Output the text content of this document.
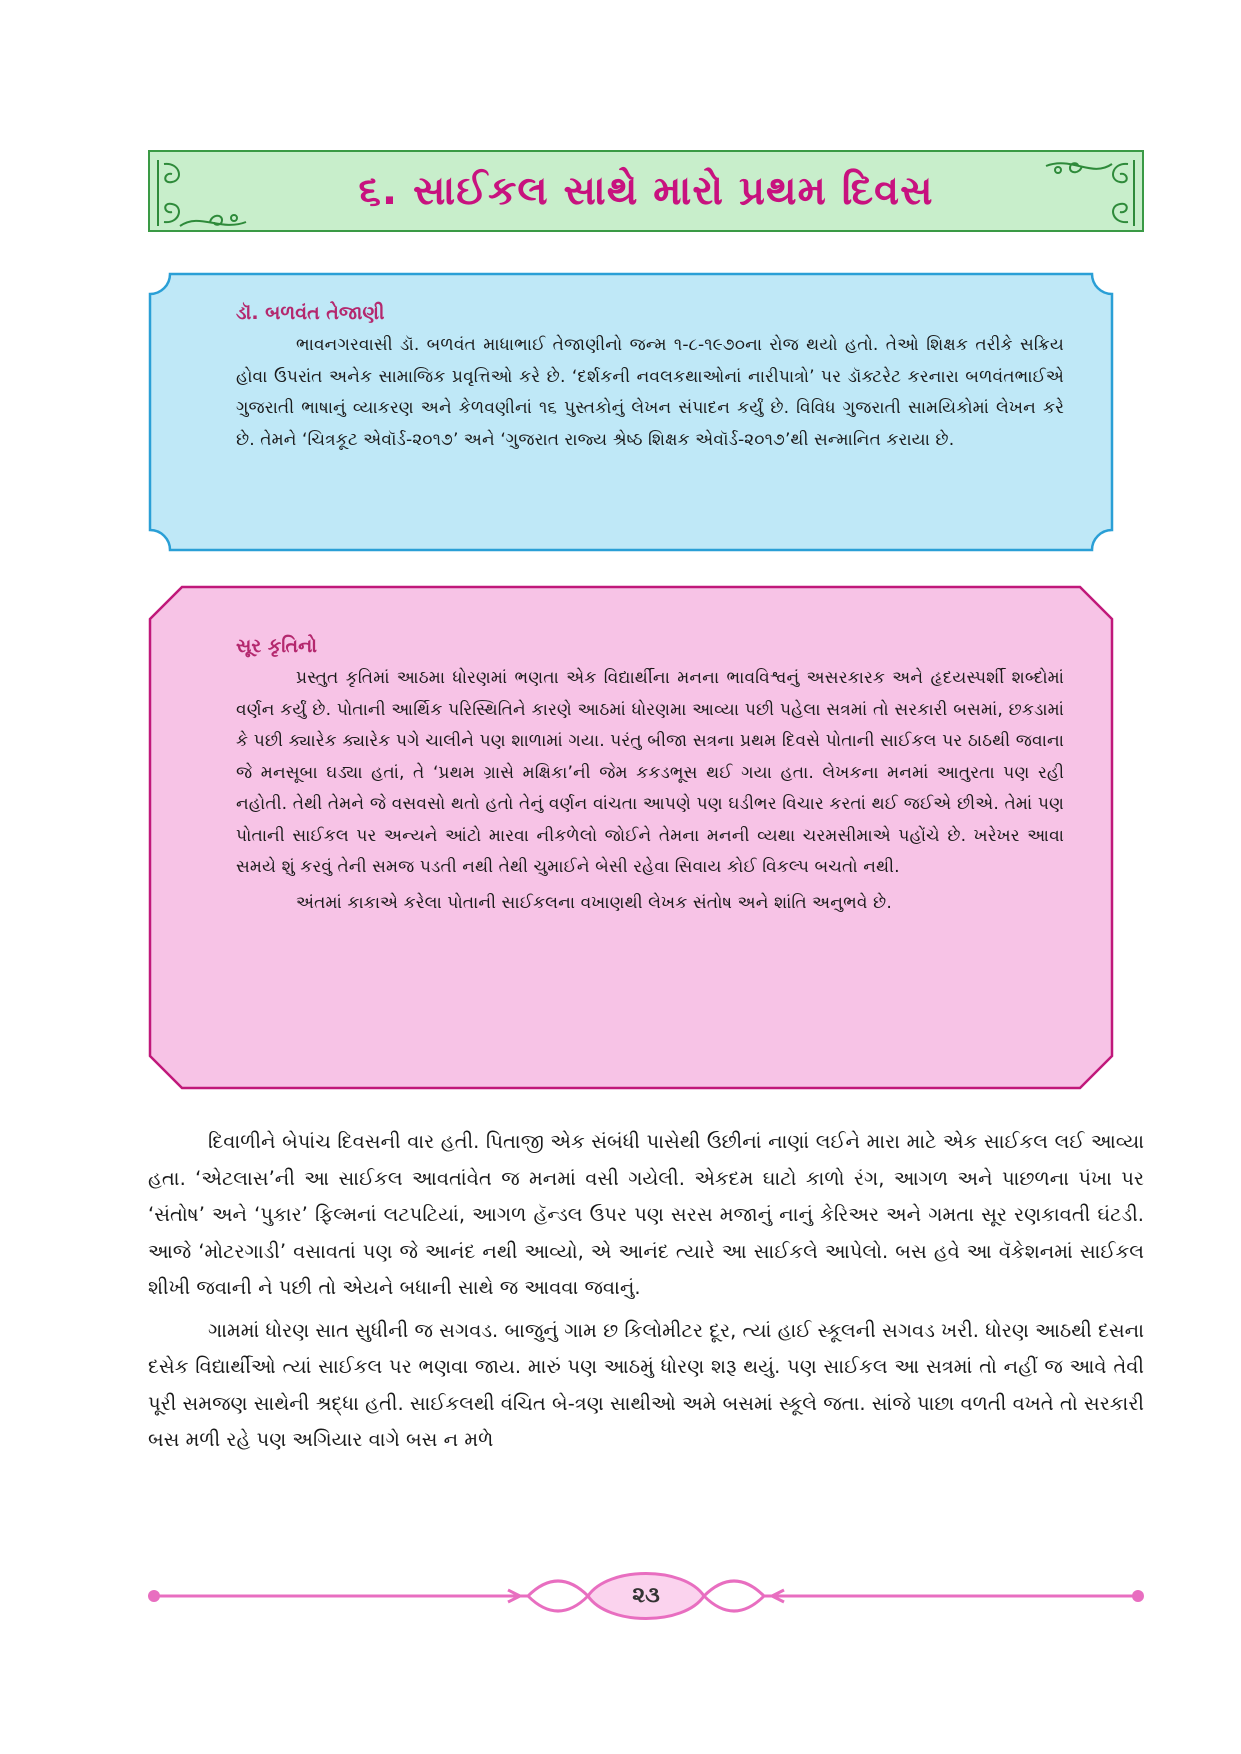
૬. સાઈકલ સાથે મારો પ્રથમ દિવસ

ડૉ. બળવંત તેજાણી

ભાવનગરવાસી ડૉ. બળવંત માધાભાઈ તેજાણીનો જન્મ ૧-૮-૧૯૭૦ના રોજ થયો હતો. તેઓ શિક્ષક તરીકે સક્રિય હોવા ઉપરાંત અનેક સામાજિક પ્રવૃત્તિઓ કરે છે. ‘દર્શકની નવલકથાઓનાં નારીપાત્રો’ પર ડૉક્ટરેટ કરનારા બળવંતભાઈએ ગુજરાતી ભાષાનું વ્યાકરણ અને કેળવણીનાં ૧૬ પુસ્તકોનું લેખન સંપાદન કર્યું છે. વિવિધ ગુજરાતી સામયિકોમાં લેખન કરે છે. તેમને ‘ચિત્રકૂટ એવૉર્ડ-૨૦૧૭’ અને ‘ગુજરાત રાજ્ય શ્રેષ્ઠ શિક્ષક એવૉર્ડ-૨૦૧૭’થી સન્માનિત કરાયા છે.

સૂર કૃતિનો

પ્રસ્તુત કૃતિમાં આઠમા ધોરણમાં ભણતા એક વિદ્યાર્થીના મનના ભાવવિશ્વનું અસરકારક અને હૃદયસ્પર્શી શબ્દોમાં વર્ણન કર્યું છે. પોતાની આર્થિક પરિસ્થિતિને કારણે આઠમાં ધોરણમા આવ્યા પછી પહેલા સત્રમાં તો સરકારી બસમાં, છકડામાં કે પછી ક્યારેક ક્યારેક પગે ચાલીને પણ શાળામાં ગયા. પરંતુ બીજા સત્રના પ્રથમ દિવસે પોતાની સાઈકલ પર ઠાઠથી જવાના જે મનસૂબા ઘડ્યા હતાં, તે ‘પ્રથમ ગ્રાસે મક્ષિકા’ની જેમ કકડભૂસ થઈ ગયા હતા. લેખકના મનમાં આતુરતા પણ રહી નહોતી. તેથી તેમને જે વસવસો થતો હતો તેનું વર્ણન વાંચતા આપણે પણ ઘડીભર વિચાર કરતાં થઈ જઈએ છીએ. તેમાં પણ પોતાની સાઈકલ પર અન્યને આંટો મારવા નીકળેલો જોઈને તેમના મનની વ્યથા ચરમસીમાએ પહોંચે છે. ખરેખર આવા સમયે શું કરવું તેની સમજ પડતી નથી તેથી ચુમાઈને બેસી રહેવા સિવાય કોઈ વિકલ્પ બચતો નથી.

અંતમાં કાકાએ કરેલા પોતાની સાઈકલના વખાણથી લેખક સંતોષ અને શાંતિ અનુભવે છે.

દિવાળીને બેપાંચ દિવસની વાર હતી. પિતાજી એક સંબંધી પાસેથી ઉછીનાં નાણાં લઈને મારા માટે એક સાઈકલ લઈ આવ્યા હતા. ‘એટલાસ’ની આ સાઈકલ આવતાંવેત જ મનમાં વસી ગયેલી. એકદમ ઘાટો કાળો રંગ, આગળ અને પાછળના પંખા પર ‘સંતોષ’ અને ‘પુકાર’ ફિલ્મનાં લટપટિયાં, આગળ હૅન્ડલ ઉપર પણ સરસ મજાનું નાનું કેરિઅર અને ગમતા સૂર રણકાવતી ઘંટડી. આજે ‘મોટરગાડી’ વસાવતાં પણ જે આનંદ નથી આવ્યો, એ આનંદ ત્યારે આ સાઈકલે આપેલો. બસ હવે આ વૅકેશનમાં સાઈકલ શીખી જવાની ને પછી તો એયને બધાની સાથે જ આવવા જવાનું.

ગામમાં ધોરણ સાત સુધીની જ સગવડ. બાજુનું ગામ છ કિલોમીટર દૂર, ત્યાં હાઈ સ્કૂલની સગવડ ખરી. ધોરણ આઠથી દસના દસેક વિદ્યાર્થીઓ ત્યાં સાઈકલ પર ભણવા જાય. મારું પણ આઠમું ધોરણ શરૂ થયું. પણ સાઈકલ આ સત્રમાં તો નહીં જ આવે તેવી પૂરી સમજણ સાથેની શ્રદ્ધા હતી. સાઈકલથી વંચિત બે-ત્રણ સાથીઓ અમે બસમાં સ્કૂલે જતા. સાંજે પાછા વળતી વખતે તો સરકારી બસ મળી રહે પણ અગિયાર વાગે બસ ન મળે

૨૩
